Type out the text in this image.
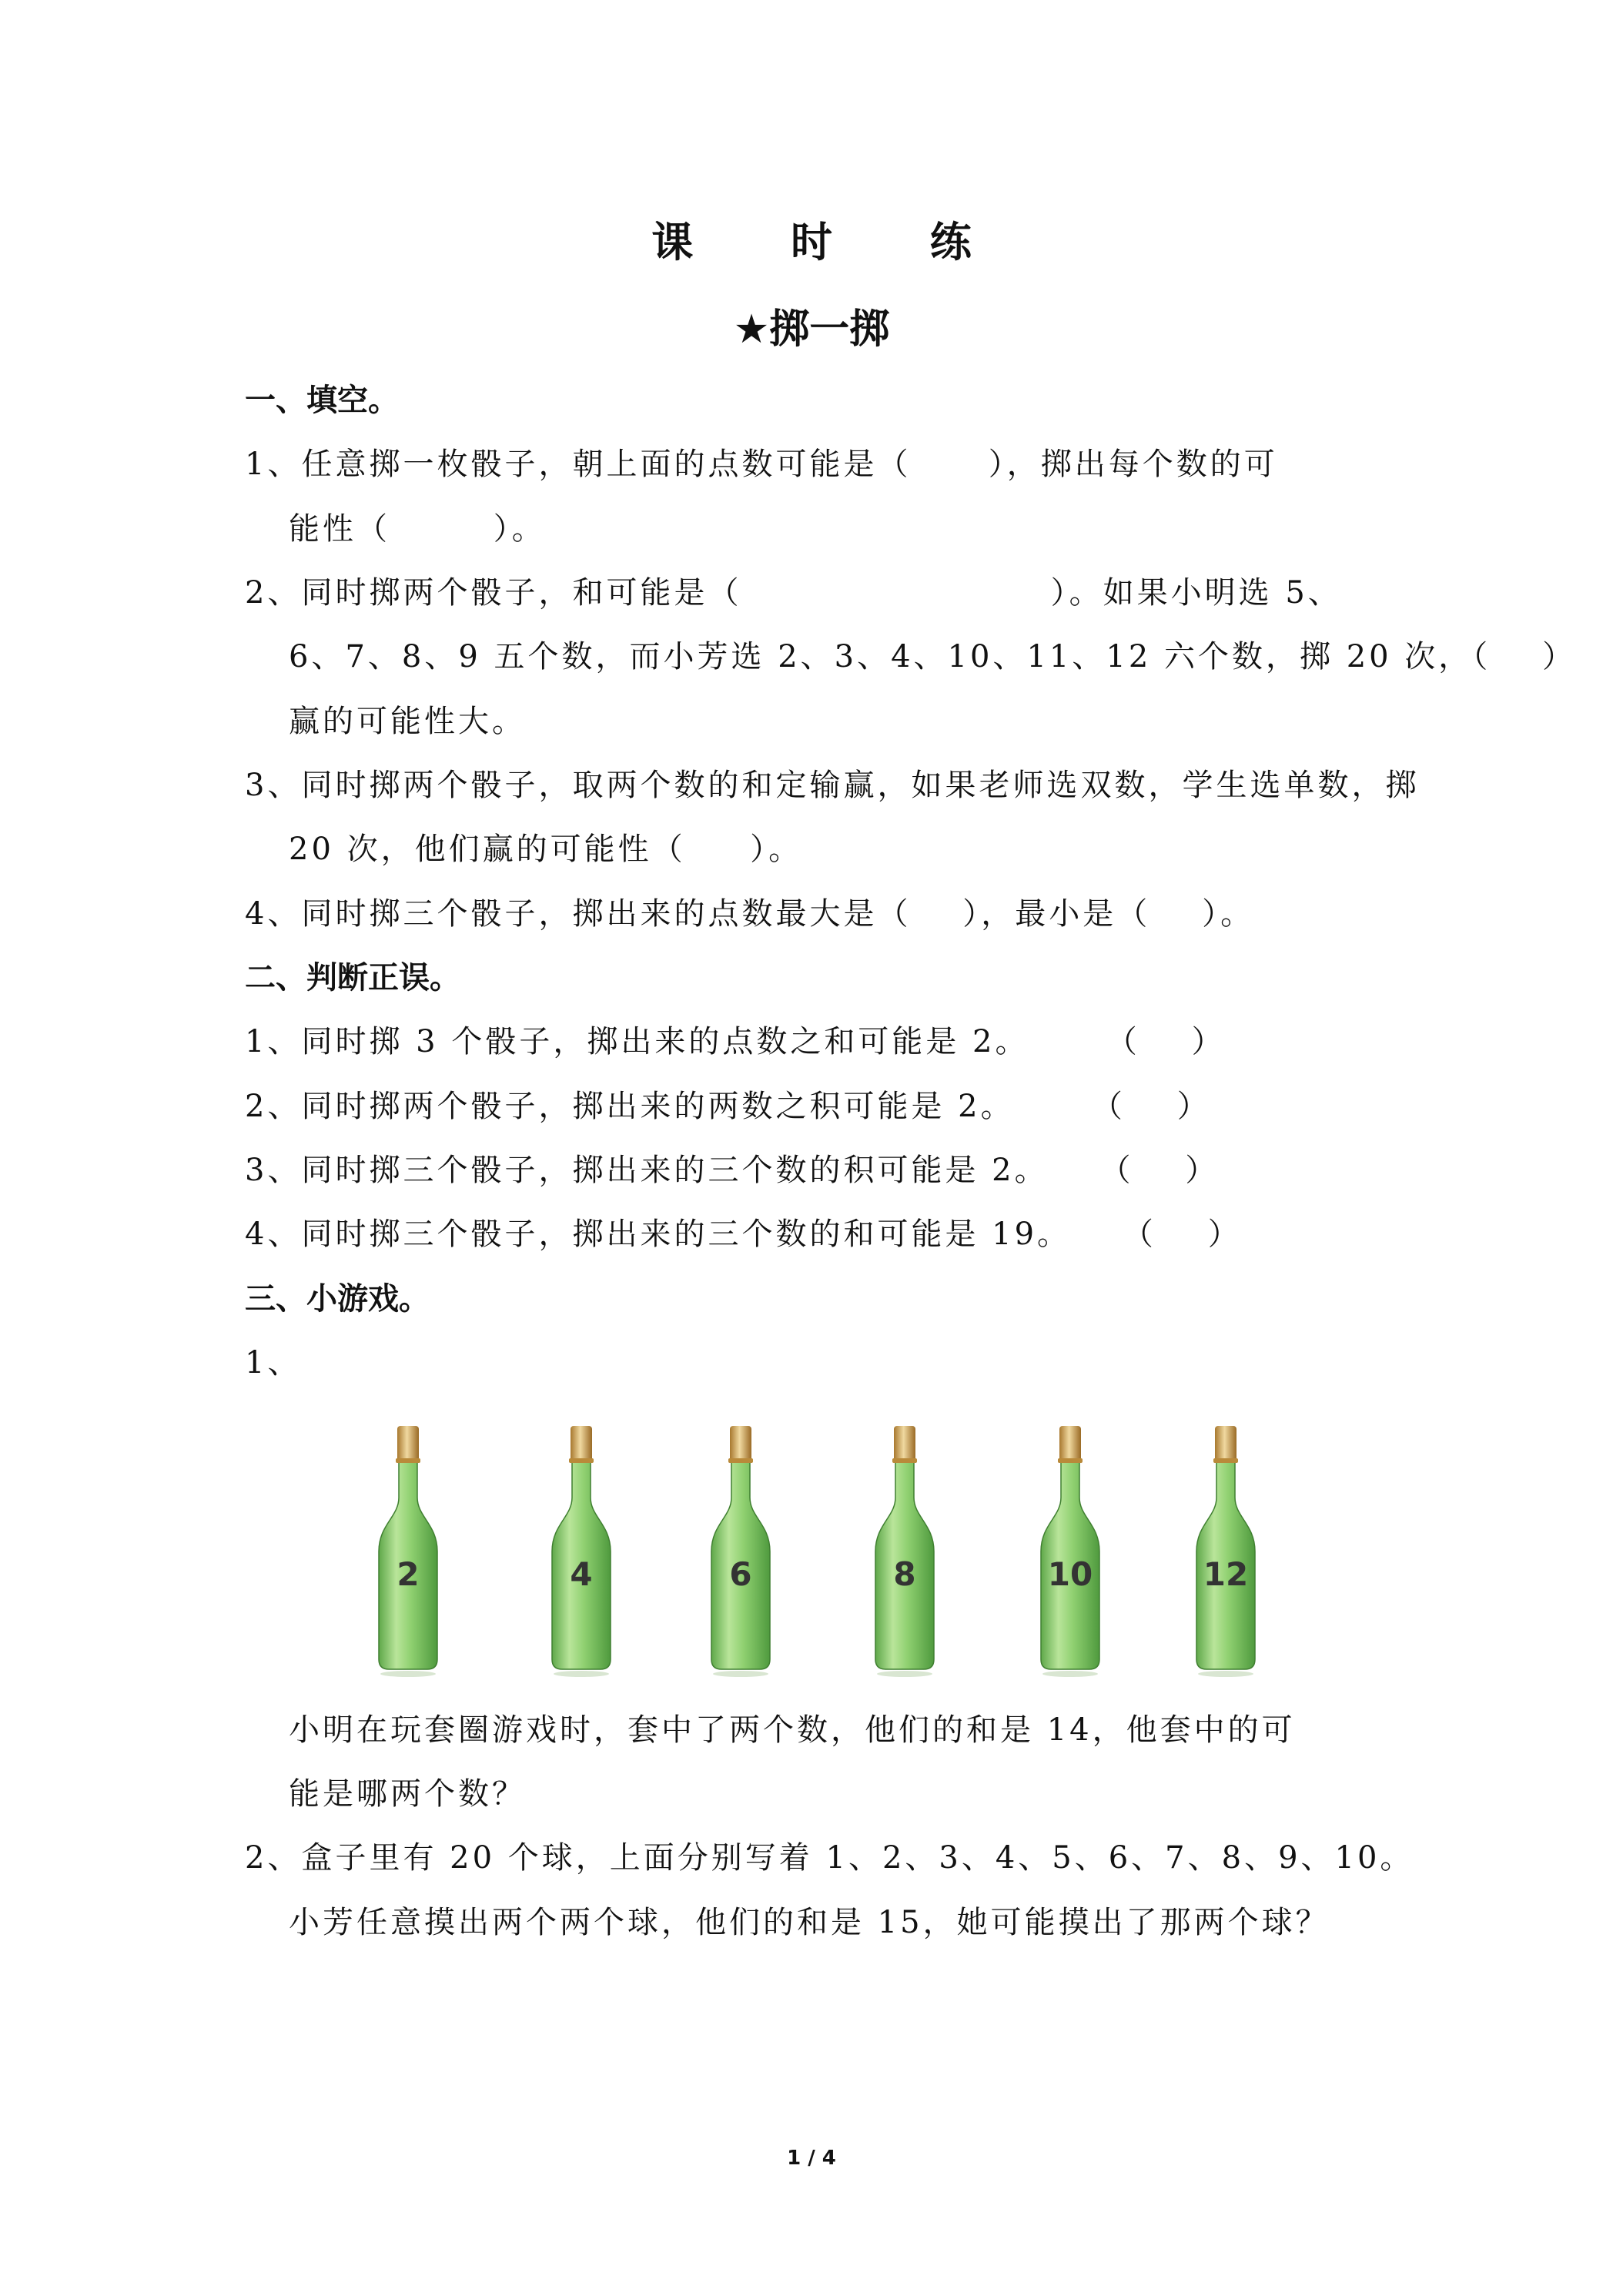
课 时 练
★掷一掷
一、填空。
1、任意掷一枚骰子，朝上面的点数可能是（      ），掷出每个数的可
能性（        ）。
2、同时掷两个骰子，和可能是（                        ）。如果小明选 5、
6、7、8、9 五个数，而小芳选 2、3、4、10、11、12 六个数，掷 20 次，（    ）
赢的可能性大。
3、同时掷两个骰子，取两个数的和定输赢，如果老师选双数，学生选单数，掷
20 次，他们赢的可能性（     ）。
4、同时掷三个骰子，掷出来的点数最大是（    ），最小是（    ）。
二、判断正误。
1、同时掷 3 个骰子，掷出来的点数之和可能是 2。      （    ）
2、同时掷两个骰子，掷出来的两数之积可能是 2。      （    ）
3、同时掷三个骰子，掷出来的三个数的积可能是 2。    （    ）
4、同时掷三个骰子，掷出来的三个数的和可能是 19。    （    ）
三、小游戏。
1、
2	4	6	8	10	12
小明在玩套圈游戏时，套中了两个数，他们的和是 14，他套中的可
能是哪两个数？
2、盒子里有 20 个球，上面分别写着 1、2、3、4、5、6、7、8、9、10。
小芳任意摸出两个两个球，他们的和是 15，她可能摸出了那两个球？
1 / 4
